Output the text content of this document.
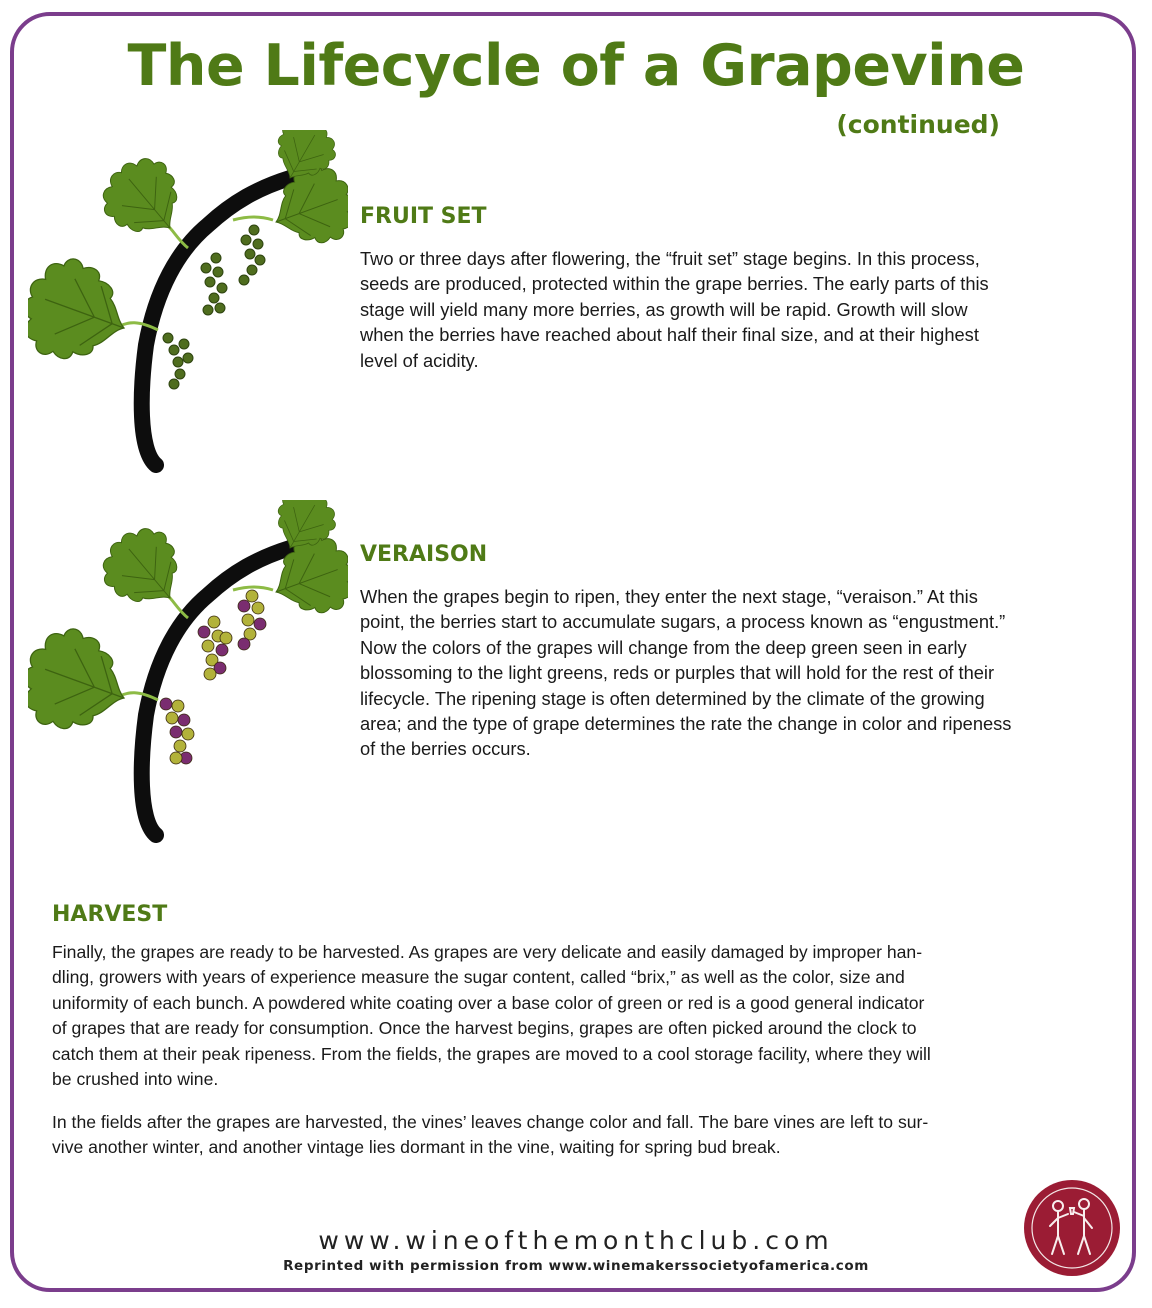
The Lifecycle of a Grapevine
(continued)
FRUIT SET
Two or three days after flowering, the “fruit set” stage begins. In this process,
seeds are produced, protected within the grape berries. The early parts of this
stage will yield many more berries, as growth will be rapid. Growth will slow
when the berries have reached about half their final size, and at their highest
level of acidity.
VERAISON
When the grapes begin to ripen, they enter the next stage, “veraison.” At this
point, the berries start to accumulate sugars, a process known as “engustment.”
Now the colors of the grapes will change from the deep green seen in early
blossoming to the light greens, reds or purples that will hold for the rest of their
lifecycle. The ripening stage is often determined by the climate of the growing
area; and the type of grape determines the rate the change in color and ripeness
of the berries occurs.
HARVEST
Finally, the grapes are ready to be harvested. As grapes are very delicate and easily damaged by improper han-
dling, growers with years of experience measure the sugar content, called “brix,” as well as the color, size and
uniformity of each bunch. A powdered white coating over a base color of green or red is a good general indicator
of grapes that are ready for consumption. Once the harvest begins, grapes are often picked around the clock to
catch them at their peak ripeness. From the fields, the grapes are moved to a cool storage facility, where they will
be crushed into wine.
In the fields after the grapes are harvested, the vines’ leaves change color and fall. The bare vines are left to sur-
vive another winter, and another vintage lies dormant in the vine, waiting for spring bud break.
www.wineofthemonthclub.com
Reprinted with permission from www.winemakerssocietyofamerica.com
